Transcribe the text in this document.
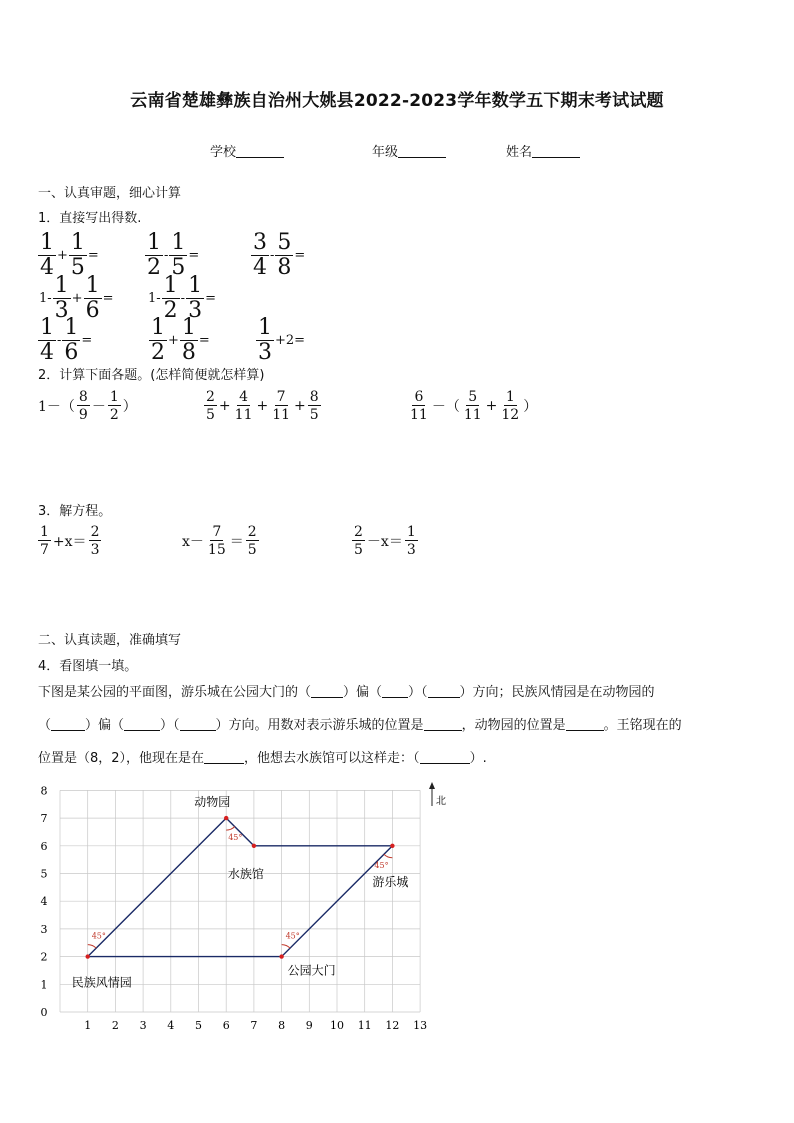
云南省楚雄彝族自治州大姚县2022-2023学年数学五下期末考试试题
学校	年级	姓名
一、认真审题，细心计算
1．直接写出得数.
$\frac{1}{4} + \frac{1}{5} = \frac{1}{2} - \frac{1}{5} = \frac{3}{4} - \frac{5}{8}$ =
$1- \frac{1}{3} + \frac{1}{6}$ =	$1- \frac{1}{2} - \frac{1}{3}$ =
$\frac{1}{4} - \frac{1}{6}$ =	$\frac{1}{2} + \frac{1}{8} = \frac{1}{3} +2=$
2．计算下面各题。(怎样简便就怎样算)
$1-( \frac{8}{9} - \frac{1}{2}$ ）	$\frac{2}{5} + \frac{4}{11} + \frac{7}{11} + \frac{8}{5}$	$\frac{6}{11}$ －（ $\frac{5}{11} + \frac{1}{12}$ ）
3．解方程。
$\frac{1}{7} +x= \frac{2}{3}$	$x- \frac{7}{15} = \frac{2}{5}$	$\frac{2}{5} -x= \frac{1}{3}$
二、认真读题，准确填写
4．看图填一填。
下图是某公园的平面图，游乐城在公园大门的（ ）偏（ ）（ ）方向；民族风情园是在动物园的
（	）偏（	）（	）方向。用数对表示游乐城的位置是	，动物园的位置是	。王铭现在的
位置是（8，2），他现在是在	，他想去水族馆可以这样走：（	）.
0
1
2
3
4
5
6
7
8
1 2 3 4 5 6 7 8 9 10 11 12 13
45°	45°
45°
45°
动物园
水族馆
游乐城
公园大门
民族风情园
北
